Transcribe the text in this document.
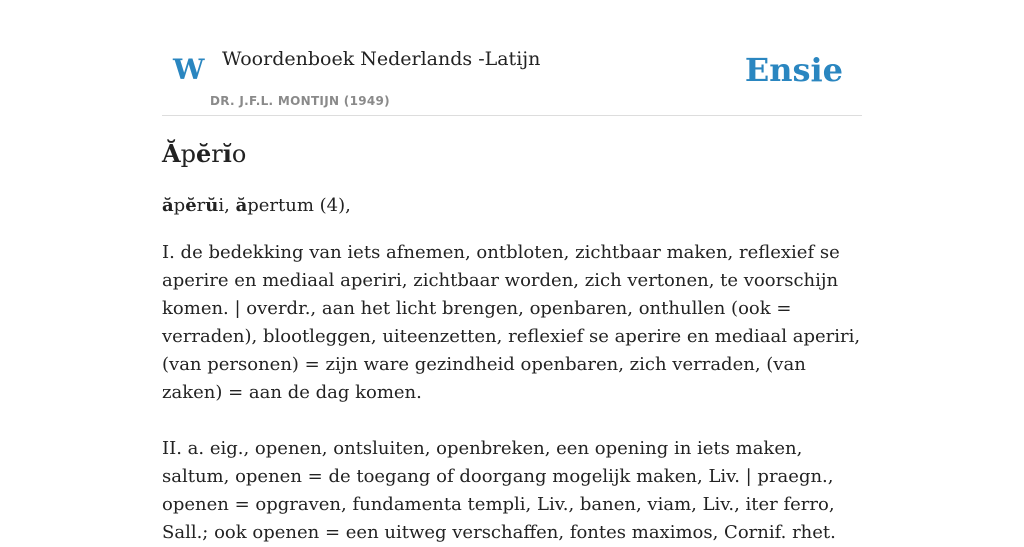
W Woordenboek Nederlands -Latijn
DR. J.F.L. MONTIJN (1949)
Ensie
Ăpĕrĭo
ăpĕrŭi, ăpertum (4),

I. de bedekking van iets afnemen, ontbloten, zichtbaar maken, reflexief se aperire en mediaal aperiri, zichtbaar worden, zich vertonen, te voorschijn komen. | overdr., aan het licht brengen, openbaren, onthullen (ook = verraden), blootleggen, uiteenzetten, reflexief se aperire en mediaal aperiri, (van personen) = zijn ware gezindheid openbaren, zich verraden, (van zaken) = aan de dag komen.

II. a. eig., openen, ontsluiten, openbreken, een opening in iets maken, saltum, openen = de toegang of doorgang mogelijk maken, Liv. | praegn., openen = opgraven, fundamenta templi, Liv., banen, viam, Liv., iter ferro, Sall.; ook openen = een uitweg verschaffen, fontes maximos, Cornif. rhet.
